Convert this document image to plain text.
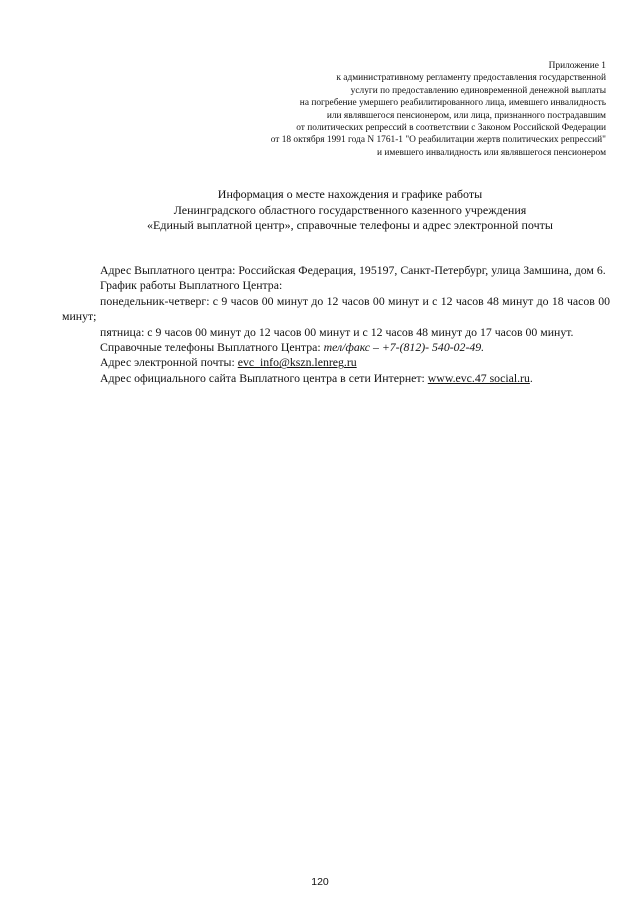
Приложение 1
к административному регламенту предоставления государственной
услуги по предоставлению единовременной денежной выплаты
на погребение умершего реабилитированного лица, имевшего инвалидность
или являвшегося пенсионером, или лица, признанного пострадавшим
от политических репрессий в соответствии с Законом Российской Федерации
от 18 октября 1991 года N 1761-1 "О реабилитации жертв политических репрессий"
и имевшего инвалидность или являвшегося пенсионером
Информация о месте нахождения и графике работы
Ленинградского областного государственного казенного учреждения
«Единый выплатной центр», справочные телефоны и адрес электронной почты
Адрес Выплатного центра: Российская Федерация, 195197, Санкт-Петербург, улица Замшина, дом 6.
График работы Выплатного Центра:
понедельник-четверг: с 9 часов 00 минут до 12 часов 00 минут и с 12 часов 48 минут до 18 часов 00 минут;
пятница: с 9 часов 00 минут до 12 часов 00 минут и с 12 часов 48 минут до 17 часов 00 минут.
Справочные телефоны Выплатного Центра: тел/факс – +7-(812)- 540-02-49.
Адрес электронной почты: evc_info@kszn.lenreg.ru
Адрес официального сайта Выплатного центра в сети Интернет: www.evc.47 social.ru.
120
